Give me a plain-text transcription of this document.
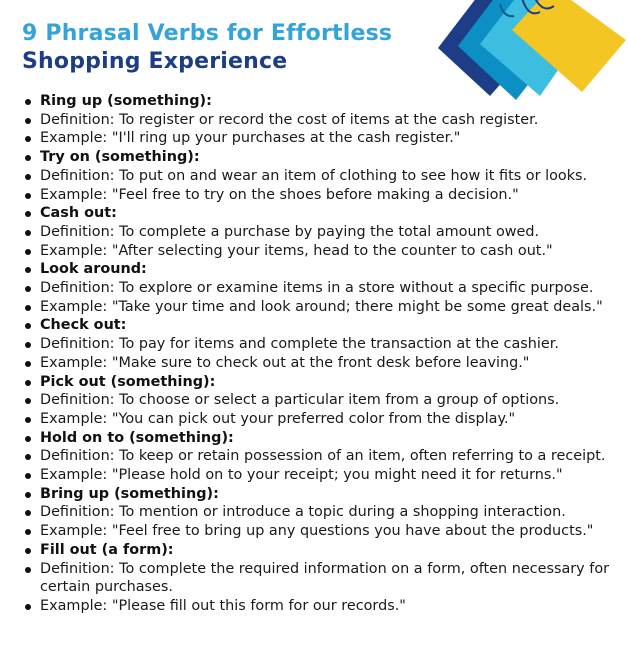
9 Phrasal Verbs for Effortless
Shopping Experience
Ring up (something):
Definition: To register or record the cost of items at the cash register.
Example: "I'll ring up your purchases at the cash register."
Try on (something):
Definition: To put on and wear an item of clothing to see how it fits or looks.
Example: "Feel free to try on the shoes before making a decision."
Cash out:
Definition: To complete a purchase by paying the total amount owed.
Example: "After selecting your items, head to the counter to cash out."
Look around:
Definition: To explore or examine items in a store without a specific purpose.
Example: "Take your time and look around; there might be some great deals."
Check out:
Definition: To pay for items and complete the transaction at the cashier.
Example: "Make sure to check out at the front desk before leaving."
Pick out (something):
Definition: To choose or select a particular item from a group of options.
Example: "You can pick out your preferred color from the display."
Hold on to (something):
Definition: To keep or retain possession of an item, often referring to a receipt.
Example: "Please hold on to your receipt; you might need it for returns."
Bring up (something):
Definition: To mention or introduce a topic during a shopping interaction.
Example: "Feel free to bring up any questions you have about the products."
Fill out (a form):
Definition: To complete the required information on a form, often necessary for certain purchases.
Example: "Please fill out this form for our records."
